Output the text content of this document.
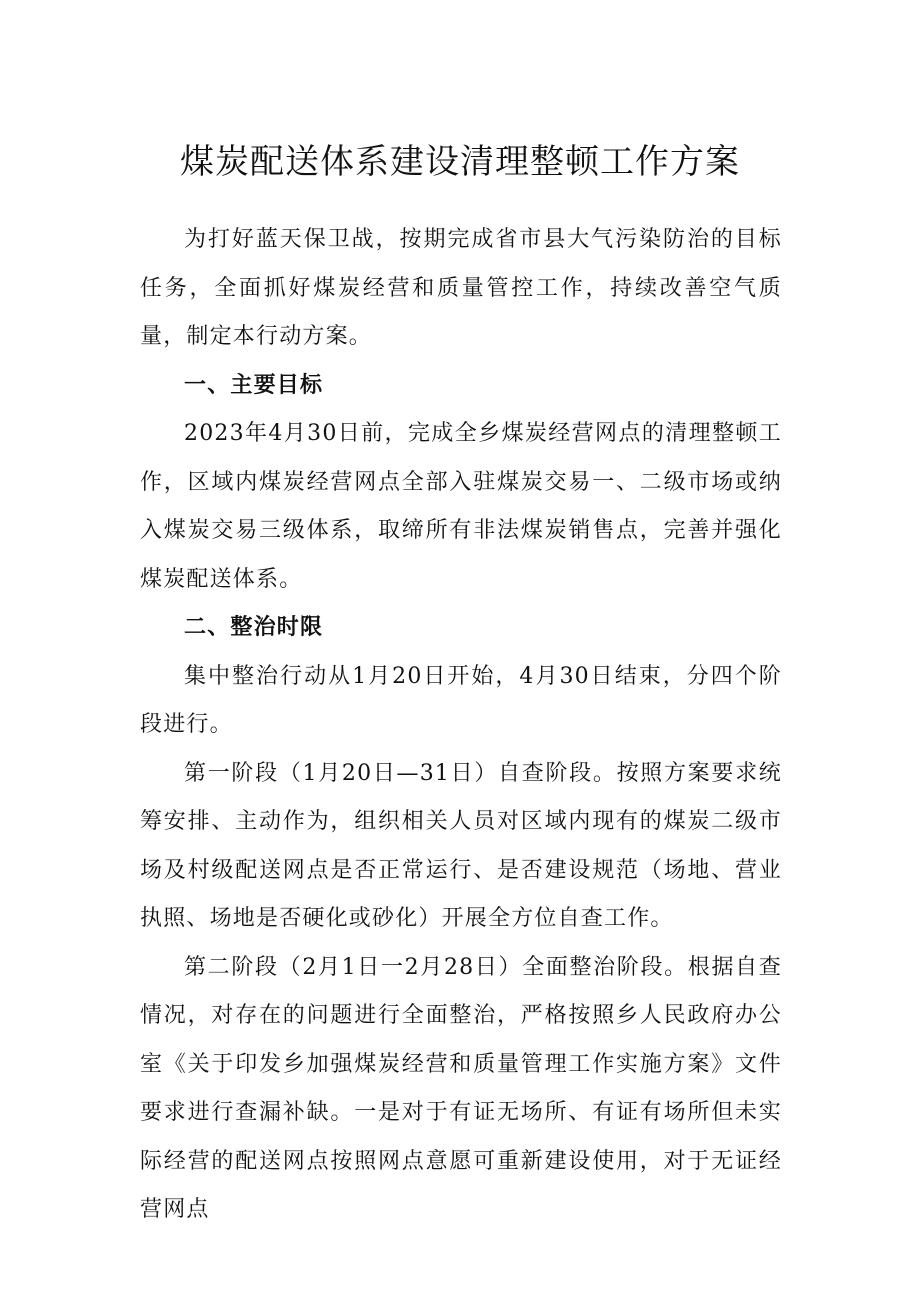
煤炭配送体系建设清理整顿工作方案

为打好蓝天保卫战，按期完成省市县大气污染防治的目标任务，全面抓好煤炭经营和质量管控工作，持续改善空气质量，制定本行动方案。

一、主要目标

2023年4月30日前，完成全乡煤炭经营网点的清理整顿工作，区域内煤炭经营网点全部入驻煤炭交易一、二级市场或纳入煤炭交易三级体系，取缔所有非法煤炭销售点，完善并强化煤炭配送体系。

二、整治时限

集中整治行动从1月20日开始，4月30日结束，分四个阶段进行。

第一阶段（1月20日—31日）自查阶段。按照方案要求统筹安排、主动作为，组织相关人员对区域内现有的煤炭二级市场及村级配送网点是否正常运行、是否建设规范（场地、营业执照、场地是否硬化或砂化）开展全方位自查工作。

第二阶段（2月1日一2月28日）全面整治阶段。根据自查情况，对存在的问题进行全面整治，严格按照乡人民政府办公室《关于印发乡加强煤炭经营和质量管理工作实施方案》文件要求进行查漏补缺。一是对于有证无场所、有证有场所但未实际经营的配送网点按照网点意愿可重新建设使用，对于无证经营网点
